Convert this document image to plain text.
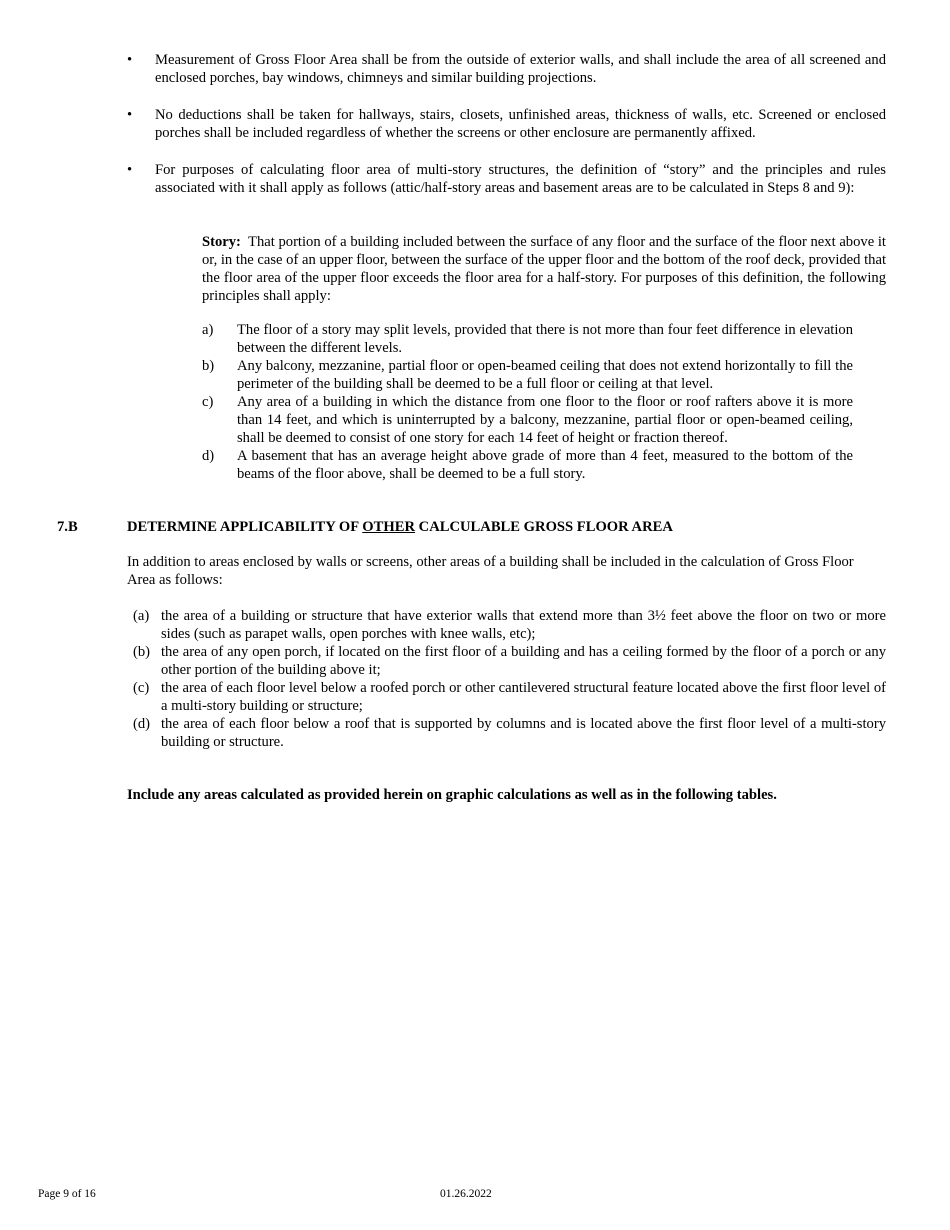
•	Measurement of Gross Floor Area shall be from the outside of exterior walls, and shall include the area of all screened and enclosed porches, bay windows, chimneys and similar building projections.
•	No deductions shall be taken for hallways, stairs, closets, unfinished areas, thickness of walls, etc. Screened or enclosed porches shall be included regardless of whether the screens or other enclosure are permanently affixed.
•	For purposes of calculating floor area of multi-story structures, the definition of “story” and the principles and rules associated with it shall apply as follows (attic/half-story areas and basement areas are to be calculated in Steps 8 and 9):
Story: That portion of a building included between the surface of any floor and the surface of the floor next above it or, in the case of an upper floor, between the surface of the upper floor and the bottom of the roof deck, provided that the floor area of the upper floor exceeds the floor area for a half-story. For purposes of this definition, the following principles shall apply:
a)	The floor of a story may split levels, provided that there is not more than four feet difference in elevation between the different levels.
b)	Any balcony, mezzanine, partial floor or open-beamed ceiling that does not extend horizontally to fill the perimeter of the building shall be deemed to be a full floor or ceiling at that level.
c)	Any area of a building in which the distance from one floor to the floor or roof rafters above it is more than 14 feet, and which is uninterrupted by a balcony, mezzanine, partial floor or open-beamed ceiling, shall be deemed to consist of one story for each 14 feet of height or fraction thereof.
d)	A basement that has an average height above grade of more than 4 feet, measured to the bottom of the beams of the floor above, shall be deemed to be a full story.
7.B	DETERMINE APPLICABILITY OF OTHER CALCULABLE GROSS FLOOR AREA
In addition to areas enclosed by walls or screens, other areas of a building shall be included in the calculation of Gross Floor Area as follows:
(a) the area of a building or structure that have exterior walls that extend more than 3½ feet above the floor on two or more sides (such as parapet walls, open porches with knee walls, etc);
(b) the area of any open porch, if located on the first floor of a building and has a ceiling formed by the floor of a porch or any other portion of the building above it;
(c) the area of each floor level below a roofed porch or other cantilevered structural feature located above the first floor level of a multi-story building or structure;
(d) the area of each floor below a roof that is supported by columns and is located above the first floor level of a multi-story building or structure.
Include any areas calculated as provided herein on graphic calculations as well as in the following tables.
Page 9 of 16	01.26.2022
